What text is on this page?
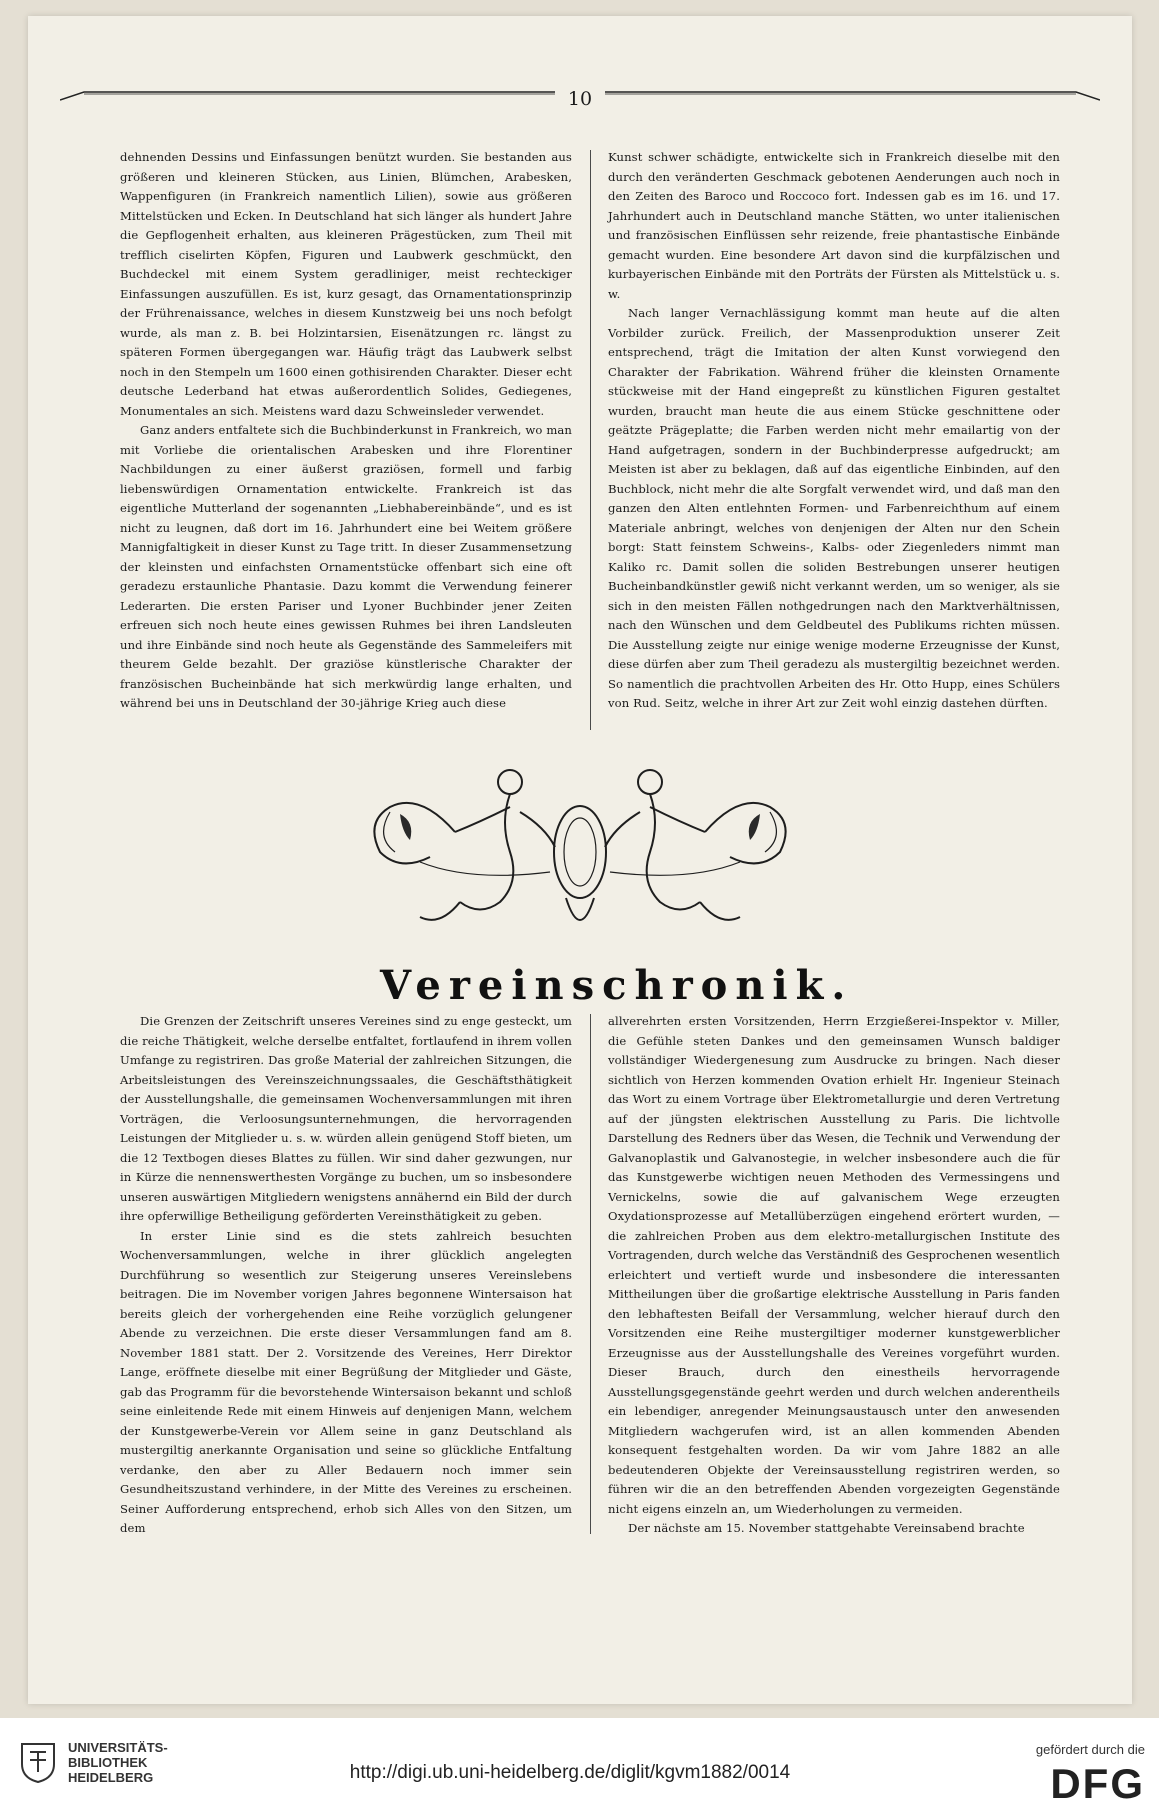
10

dehnenden Dessins und Einfassungen benützt wurden. Sie bestanden aus größeren und kleineren Stücken, aus Linien, Blümchen, Arabesken, Wappenfiguren (in Frankreich namentlich Lilien), sowie aus größeren Mittelstücken und Ecken. In Deutschland hat sich länger als hundert Jahre die Gepflogenheit erhalten, aus kleineren Prägestücken, zum Theil mit trefflich ciselirten Köpfen, Figuren und Laubwerk geschmückt, den Buchdeckel mit einem System geradliniger, meist rechteckiger Einfassungen auszufüllen. Es ist, kurz gesagt, das Ornamentationsprinzip der Frührenaissance, welches in diesem Kunstzweig bei uns noch befolgt wurde, als man z. B. bei Holzintarsien, Eisenätzungen rc. längst zu späteren Formen übergegangen war. Häufig trägt das Laubwerk selbst noch in den Stempeln um 1600 einen gothisirenden Charakter. Dieser echt deutsche Lederband hat etwas außerordentlich Solides, Gediegenes, Monumentales an sich. Meistens ward dazu Schweinsleder verwendet.

Ganz anders entfaltete sich die Buchbinderkunst in Frankreich, wo man mit Vorliebe die orientalischen Arabesken und ihre Florentiner Nachbildungen zu einer äußerst graziösen, formell und farbig liebenswürdigen Ornamentation entwickelte. Frankreich ist das eigentliche Mutterland der sogenannten „Liebhabereinbände“, und es ist nicht zu leugnen, daß dort im 16. Jahrhundert eine bei Weitem größere Mannigfaltigkeit in dieser Kunst zu Tage tritt. In dieser Zusammensetzung der kleinsten und einfachsten Ornamentstücke offenbart sich eine oft geradezu erstaunliche Phantasie. Dazu kommt die Verwendung feinerer Lederarten. Die ersten Pariser und Lyoner Buchbinder jener Zeiten erfreuen sich noch heute eines gewissen Ruhmes bei ihren Landsleuten und ihre Einbände sind noch heute als Gegenstände des Sammeleifers mit theurem Gelde bezahlt. Der graziöse künstlerische Charakter der französischen Bucheinbände hat sich merkwürdig lange erhalten, und während bei uns in Deutschland der 30-jährige Krieg auch diese

Kunst schwer schädigte, entwickelte sich in Frankreich dieselbe mit den durch den veränderten Geschmack gebotenen Aenderungen auch noch in den Zeiten des Baroco und Roccoco fort. Indessen gab es im 16. und 17. Jahrhundert auch in Deutschland manche Stätten, wo unter italienischen und französischen Einflüssen sehr reizende, freie phantastische Einbände gemacht wurden. Eine besondere Art davon sind die kurpfälzischen und kurbayerischen Einbände mit den Porträts der Fürsten als Mittelstück u. s. w.

Nach langer Vernachlässigung kommt man heute auf die alten Vorbilder zurück. Freilich, der Massenproduktion unserer Zeit entsprechend, trägt die Imitation der alten Kunst vorwiegend den Charakter der Fabrikation. Während früher die kleinsten Ornamente stückweise mit der Hand eingepreßt zu künstlichen Figuren gestaltet wurden, braucht man heute die aus einem Stücke geschnittene oder geätzte Prägeplatte; die Farben werden nicht mehr emailartig von der Hand aufgetragen, sondern in der Buchbinderpresse aufgedruckt; am Meisten ist aber zu beklagen, daß auf das eigentliche Einbinden, auf den Buchblock, nicht mehr die alte Sorgfalt verwendet wird, und daß man den ganzen den Alten entlehnten Formen- und Farbenreichthum auf einem Materiale anbringt, welches von denjenigen der Alten nur den Schein borgt: Statt feinstem Schweins-, Kalbs- oder Ziegenleders nimmt man Kaliko rc. Damit sollen die soliden Bestrebungen unserer heutigen Bucheinbandkünstler gewiß nicht verkannt werden, um so weniger, als sie sich in den meisten Fällen nothgedrungen nach den Marktverhältnissen, nach den Wünschen und dem Geldbeutel des Publikums richten müssen. Die Ausstellung zeigte nur einige wenige moderne Erzeugnisse der Kunst, diese dürfen aber zum Theil geradezu als mustergiltig bezeichnet werden. So namentlich die prachtvollen Arbeiten des Hr. Otto Hupp, eines Schülers von Rud. Seitz, welche in ihrer Art zur Zeit wohl einzig dastehen dürften.

Vereinschronik.

Die Grenzen der Zeitschrift unseres Vereines sind zu enge gesteckt, um die reiche Thätigkeit, welche derselbe entfaltet, fortlaufend in ihrem vollen Umfange zu registriren. Das große Material der zahlreichen Sitzungen, die Arbeitsleistungen des Vereinszeichnungssaales, die Geschäftsthätigkeit der Ausstellungshalle, die gemeinsamen Wochenversammlungen mit ihren Vorträgen, die Verloosungsunternehmungen, die hervorragenden Leistungen der Mitglieder u. s. w. würden allein genügend Stoff bieten, um die 12 Textbogen dieses Blattes zu füllen. Wir sind daher gezwungen, nur in Kürze die nennenswerthesten Vorgänge zu buchen, um so insbesondere unseren auswärtigen Mitgliedern wenigstens annähernd ein Bild der durch ihre opferwillige Betheiligung geförderten Vereinsthätigkeit zu geben.

In erster Linie sind es die stets zahlreich besuchten Wochenversammlungen, welche in ihrer glücklich angelegten Durchführung so wesentlich zur Steigerung unseres Vereinslebens beitragen. Die im November vorigen Jahres begonnene Wintersaison hat bereits gleich der vorhergehenden eine Reihe vorzüglich gelungener Abende zu verzeichnen. Die erste dieser Versammlungen fand am 8. November 1881 statt. Der 2. Vorsitzende des Vereines, Herr Direktor Lange, eröffnete dieselbe mit einer Begrüßung der Mitglieder und Gäste, gab das Programm für die bevorstehende Wintersaison bekannt und schloß seine einleitende Rede mit einem Hinweis auf denjenigen Mann, welchem der Kunstgewerbe-Verein vor Allem seine in ganz Deutschland als mustergiltig anerkannte Organisation und seine so glückliche Entfaltung verdanke, den aber zu Aller Bedauern noch immer sein Gesundheitszustand verhindere, in der Mitte des Vereines zu erscheinen. Seiner Aufforderung entsprechend, erhob sich Alles von den Sitzen, um dem

allverehrten ersten Vorsitzenden, Herrn Erzgießerei-Inspektor v. Miller, die Gefühle steten Dankes und den gemeinsamen Wunsch baldiger vollständiger Wiedergenesung zum Ausdrucke zu bringen. Nach dieser sichtlich von Herzen kommenden Ovation erhielt Hr. Ingenieur Steinach das Wort zu einem Vortrage über Elektrometallurgie und deren Vertretung auf der jüngsten elektrischen Ausstellung zu Paris. Die lichtvolle Darstellung des Redners über das Wesen, die Technik und Verwendung der Galvanoplastik und Galvanostegie, in welcher insbesondere auch die für das Kunstgewerbe wichtigen neuen Methoden des Vermessingens und Vernickelns, sowie die auf galvanischem Wege erzeugten Oxydationsprozesse auf Metallüberzügen eingehend erörtert wurden, — die zahlreichen Proben aus dem elektro-metallurgischen Institute des Vortragenden, durch welche das Verständniß des Gesprochenen wesentlich erleichtert und vertieft wurde und insbesondere die interessanten Mittheilungen über die großartige elektrische Ausstellung in Paris fanden den lebhaftesten Beifall der Versammlung, welcher hierauf durch den Vorsitzenden eine Reihe mustergiltiger moderner kunstgewerblicher Erzeugnisse aus der Ausstellungshalle des Vereines vorgeführt wurden. Dieser Brauch, durch den einestheils hervorragende Ausstellungsgegenstände geehrt werden und durch welchen anderentheils ein lebendiger, anregender Meinungsaustausch unter den anwesenden Mitgliedern wachgerufen wird, ist an allen kommenden Abenden konsequent festgehalten worden. Da wir vom Jahre 1882 an alle bedeutenderen Objekte der Vereinsausstellung registriren werden, so führen wir die an den betreffenden Abenden vorgezeigten Gegenstände nicht eigens einzeln an, um Wiederholungen zu vermeiden.

Der nächste am 15. November stattgehabte Vereinsabend brachte

UNIVERSITÄTS-
BIBLIOTHEK
HEIDELBERG	http://digi.ub.uni-heidelberg.de/diglit/kgvm1882/0014
gefördert durch die
DFG
